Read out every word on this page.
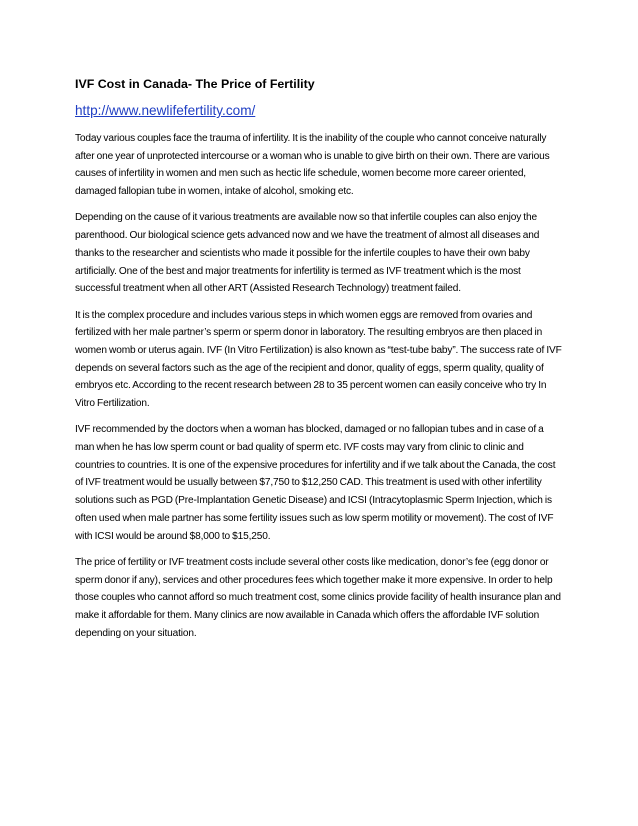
IVF Cost in Canada- The Price of Fertility
http://www.newlifefertility.com/

Today various couples face the trauma of infertility. It is the inability of the couple who cannot conceive naturally after one year of unprotected intercourse or a woman who is unable to give birth on their own. There are various causes of infertility in women and men such as hectic life schedule, women become more career oriented, damaged fallopian tube in women, intake of alcohol, smoking etc.

Depending on the cause of it various treatments are available now so that infertile couples can also enjoy the parenthood. Our biological science gets advanced now and we have the treatment of almost all diseases and thanks to the researcher and scientists who made it possible for the infertile couples to have their own baby artificially. One of the best and major treatments for infertility is termed as IVF treatment which is the most successful treatment when all other ART (Assisted Research Technology) treatment failed.

It is the complex procedure and includes various steps in which women eggs are removed from ovaries and fertilized with her male partner’s sperm or sperm donor in laboratory. The resulting embryos are then placed in women womb or uterus again. IVF (In Vitro Fertilization) is also known as “test-tube baby”. The success rate of IVF depends on several factors such as the age of the recipient and donor, quality of eggs, sperm quality, quality of embryos etc. According to the recent research between 28 to 35 percent women can easily conceive who try In Vitro Fertilization.

IVF recommended by the doctors when a woman has blocked, damaged or no fallopian tubes and in case of a man when he has low sperm count or bad quality of sperm etc. IVF costs may vary from clinic to clinic and countries to countries. It is one of the expensive procedures for infertility and if we talk about the Canada, the cost of IVF treatment would be usually between $7,750 to $12,250 CAD. This treatment is used with other infertility solutions such as PGD (Pre-Implantation Genetic Disease) and ICSI (Intracytoplasmic Sperm Injection, which is often used when male partner has some fertility issues such as low sperm motility or movement). The cost of IVF with ICSI would be around $8,000 to $15,250.

The price of fertility or IVF treatment costs include several other costs like medication, donor’s fee (egg donor or sperm donor if any), services and other procedures fees which together make it more expensive. In order to help those couples who cannot afford so much treatment cost, some clinics provide facility of health insurance plan and make it affordable for them. Many clinics are now available in Canada which offers the affordable IVF solution depending on your situation.
